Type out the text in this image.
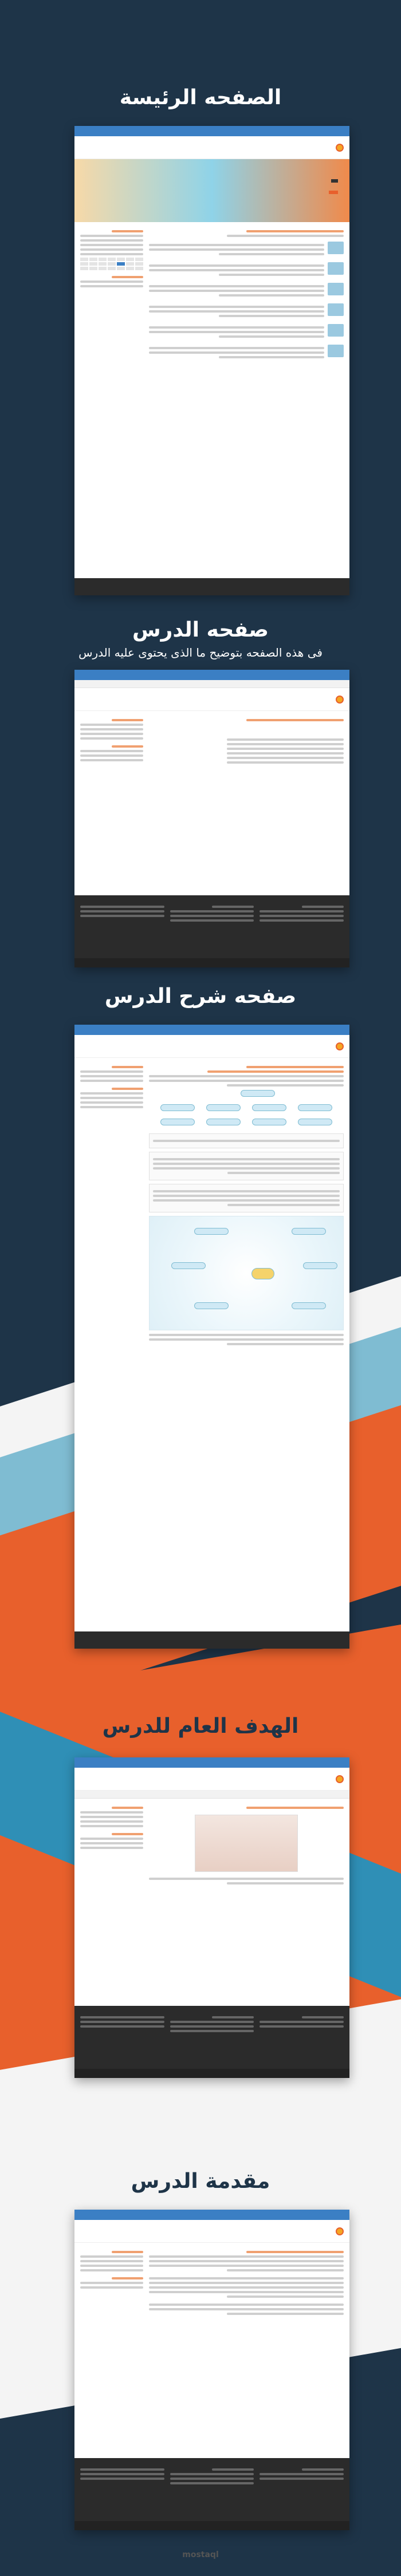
الصفحه الرئيسة
صفحه الدرس
فى هذه الصفحه بتوضيح ما الذى يحتوى عليه الدرس
صفحه شرح الدرس
الهدف العام للدرس
مقدمة الدرس
mostaql
